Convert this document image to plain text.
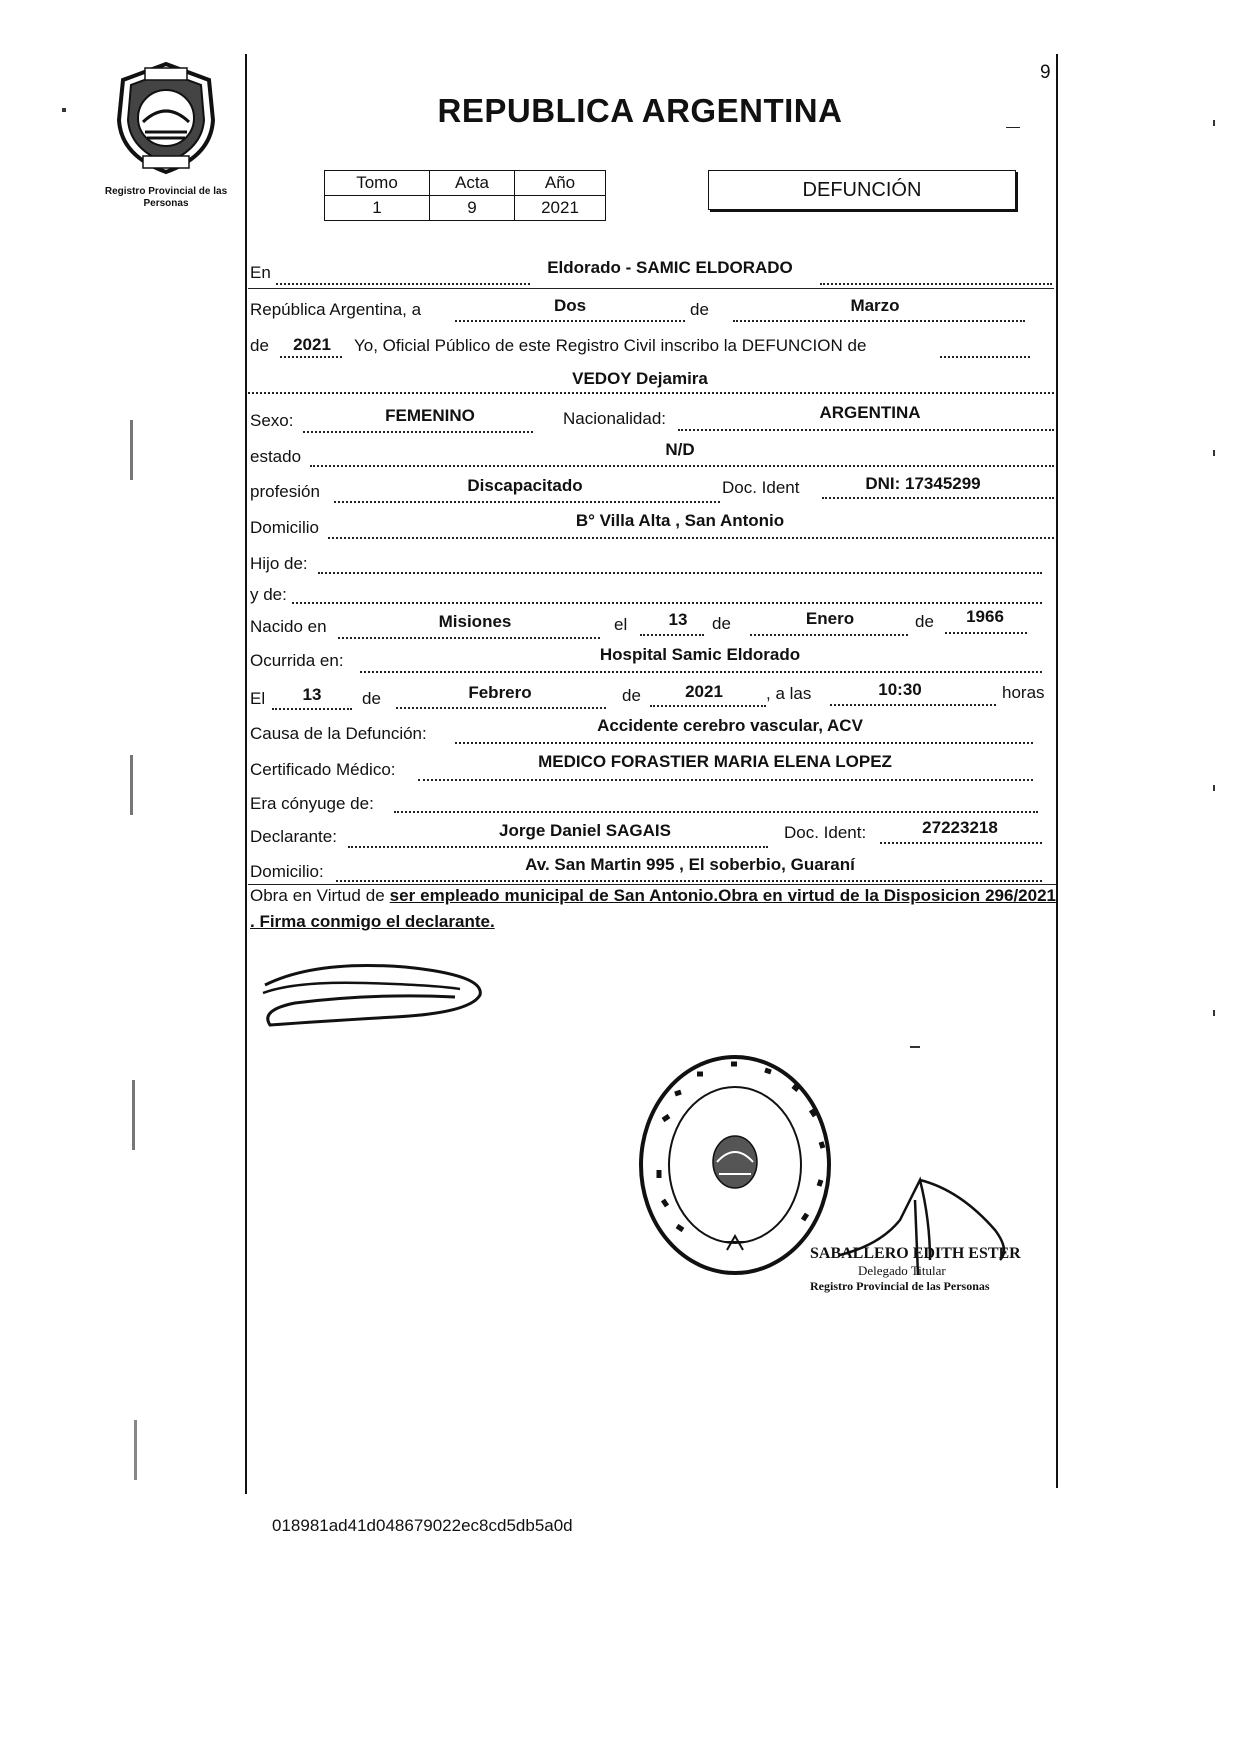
Registro Provincial de las Personas
9
REPUBLICA ARGENTINA
Tomo	Acta	Año
1	9	2021
DEFUNCIÓN
En	Eldorado - SAMIC ELDORADO
República Argentina, a	Dos	de	Marzo
de	2021	Yo, Oficial Público de este Registro Civil inscribo la DEFUNCION de
VEDOY Dejamira
Sexo:	FEMENINO	Nacionalidad:	ARGENTINA
estado	N/D
profesión	Discapacitado	Doc. Ident	DNI: 17345299
Domicilio	B° Villa Alta , San Antonio
Hijo de:
y de:
Nacido en	Misiones	el	13	de	Enero	de	1966
Ocurrida en:	Hospital Samic Eldorado
El	13	de	Febrero	de	2021	, a las	10:30	horas
Causa de la Defunción:	Accidente cerebro vascular, ACV
Certificado Médico:	MEDICO FORASTIER MARIA ELENA LOPEZ
Era cónyuge de:
Declarante:	Jorge Daniel SAGAIS	Doc. Ident:	27223218
Domicilio:	Av. San Martin 995 , El soberbio, Guaraní
Obra en Virtud de ser empleado municipal de San Antonio.Obra en virtud de la Disposicion 296/2021 . Firma conmigo el declarante.
SABALLERO EDITH ESTER
Delegado Titular
Registro Provincial de las Personas
018981ad41d048679022ec8cd5db5a0d
